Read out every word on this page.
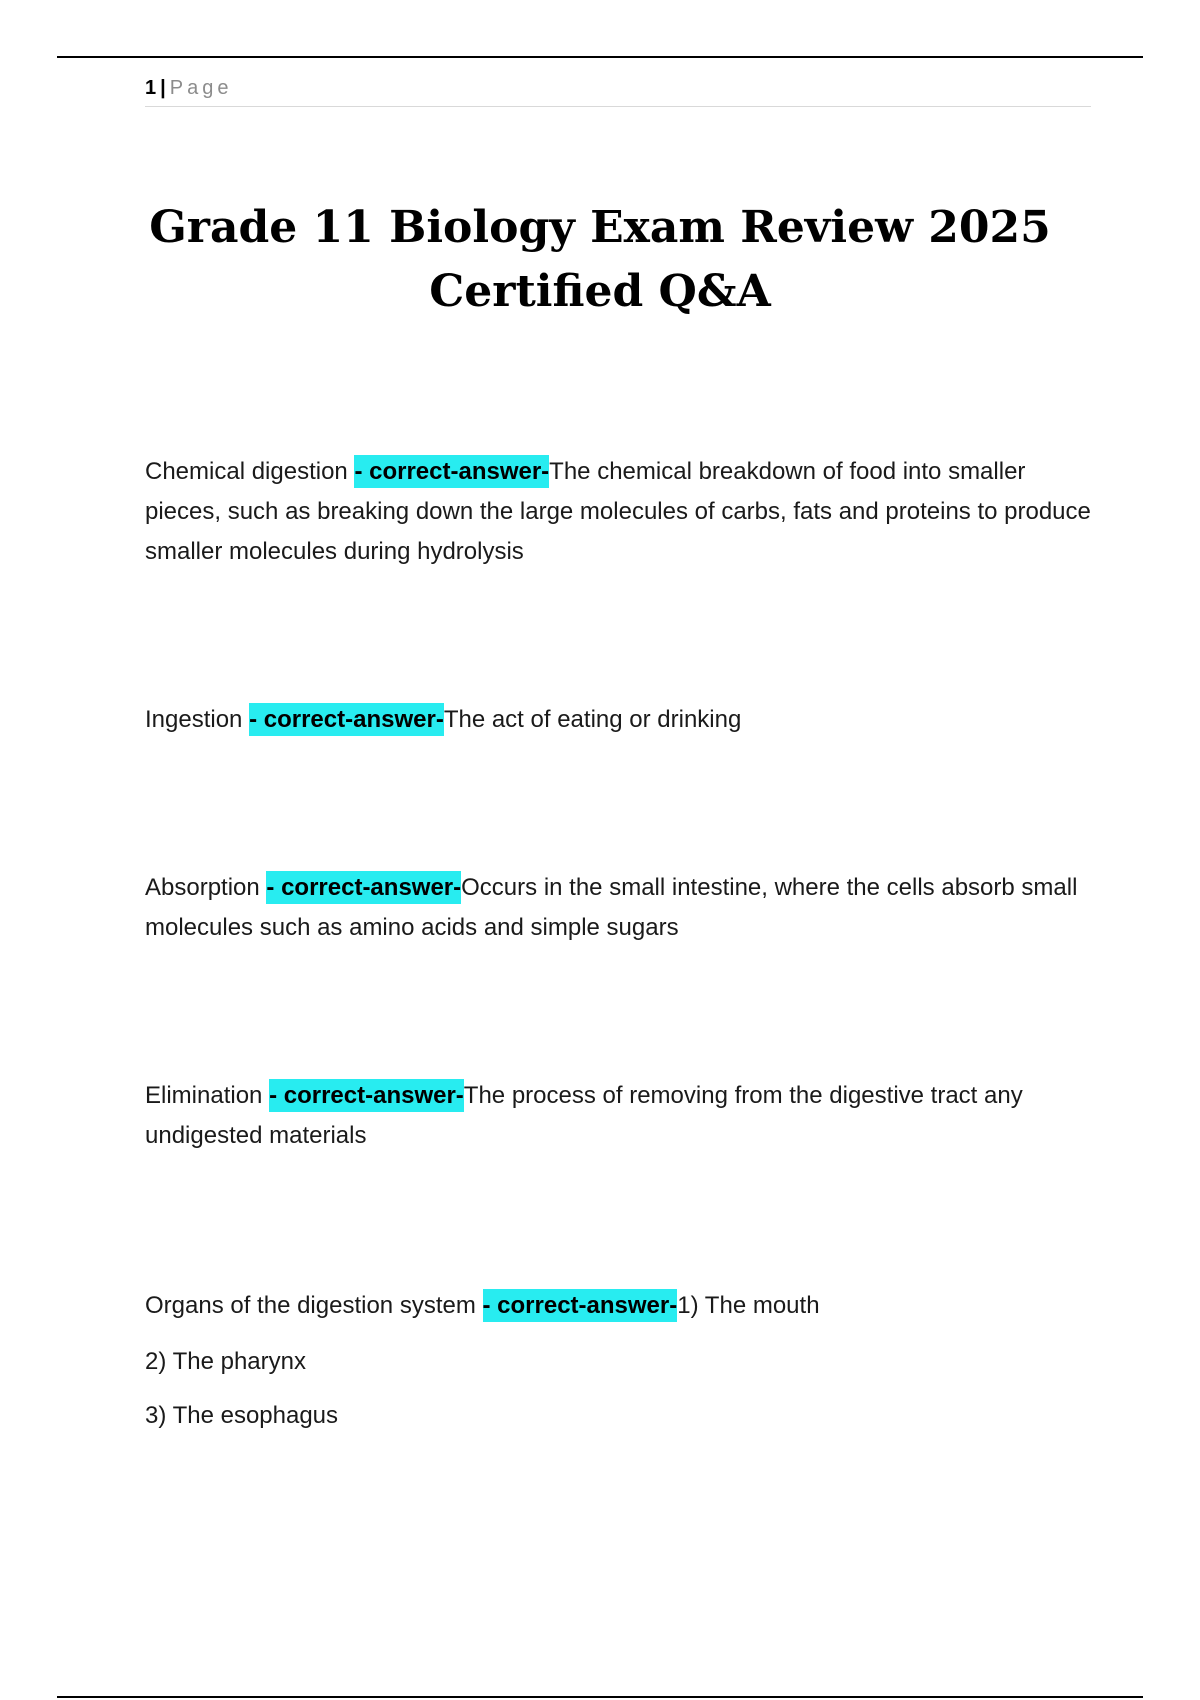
1 | Page
Grade 11 Biology Exam Review 2025
Certified Q&A

Chemical digestion - correct-answer-The chemical breakdown of food into smaller pieces, such as breaking down the large molecules of carbs, fats and proteins to produce smaller molecules during hydrolysis

Ingestion - correct-answer-The act of eating or drinking

Absorption - correct-answer-Occurs in the small intestine, where the cells absorb small molecules such as amino acids and simple sugars

Elimination - correct-answer-The process of removing from the digestive tract any undigested materials

Organs of the digestion system - correct-answer-1) The mouth

2) The pharynx

3) The esophagus
